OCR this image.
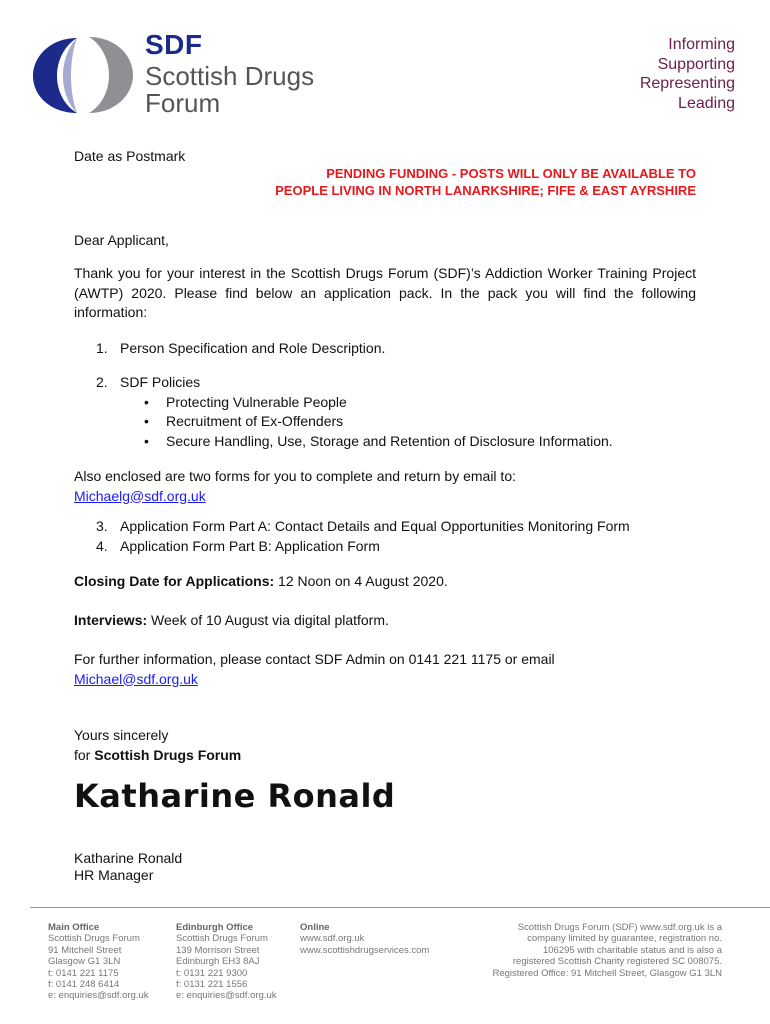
SDF
Scottish Drugs
Forum
Informing
Supporting
Representing
Leading
Date as Postmark
PENDING FUNDING - POSTS WILL ONLY BE AVAILABLE TO
PEOPLE LIVING IN NORTH LANARKSHIRE; FIFE & EAST AYRSHIRE
Dear Applicant,
Thank you for your interest in the Scottish Drugs Forum (SDF)’s Addiction Worker Training Project (AWTP) 2020. Please find below an application pack. In the pack you will find the following information:
1. Person Specification and Role Description.
2. SDF Policies
• Protecting Vulnerable People
• Recruitment of Ex-Offenders
• Secure Handling, Use, Storage and Retention of Disclosure Information.
Also enclosed are two forms for you to complete and return by email to:
Michaelg@sdf.org.uk
3. Application Form Part A: Contact Details and Equal Opportunities Monitoring Form
4. Application Form Part B: Application Form
Closing Date for Applications: 12 Noon on 4 August 2020.
Interviews: Week of 10 August via digital platform.
For further information, please contact SDF Admin on 0141 221 1175 or email
Michael@sdf.org.uk
Yours sincerely
for Scottish Drugs Forum
Katharine Ronald
Katharine Ronald
HR Manager
Main Office
Scottish Drugs Forum
91 Mitchell Street
Glasgow G1 3LN
t: 0141 221 1175
f: 0141 248 6414
e: enquiries@sdf.org.uk
Edinburgh Office
Scottish Drugs Forum
139 Morrison Street
Edinburgh EH3 8AJ
t: 0131 221 9300
f: 0131 221 1556
e: enquiries@sdf.org.uk
Online
www.sdf.org.uk
www.scottishdrugservices.com
Scottish Drugs Forum (SDF) www.sdf.org.uk is a
company limited by guarantee, registration no.
106295 with charitable status and is also a
registered Scottish Charity registered SC 008075.
Registered Office: 91 Mitchell Street, Glasgow G1 3LN
